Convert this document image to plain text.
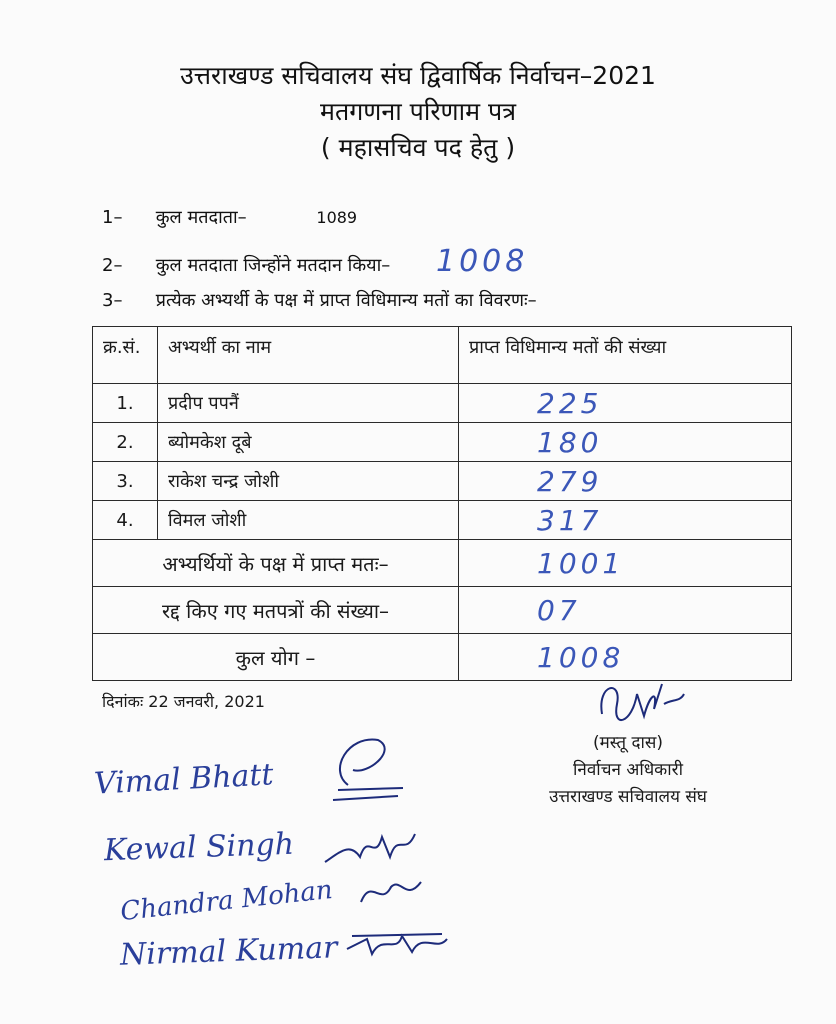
उत्तराखण्ड सचिवालय संघ द्विवार्षिक निर्वाचन–2021
मतगणना परिणाम पत्र
( महासचिव पद हेतु )
1– कुल मतदाता–	1089
2– कुल मतदाता जिन्होंने मतदान किया– 1008
3– प्रत्येक अभ्यर्थी के पक्ष में प्राप्त विधिमान्य मतों का विवरणः–
क्र.सं.	अभ्यर्थी का नाम	प्राप्त विधिमान्य मतों की संख्या
1.	प्रदीप पपनैं	225
2.	ब्योमकेश दूबे	180
3.	राकेश चन्द्र जोशी	279
4.	विमल जोशी	317
अभ्यर्थियों के पक्ष में प्राप्त मतः–		1001
रद्द किए गए मतपत्रों की संख्या–		07
कुल योग –		1008
दिनांकः 22 जनवरी, 2021
(मस्तू दास)
निर्वाचन अधिकारी
उत्तराखण्ड सचिवालय संघ
Vimal Bhatt
Kewal Singh
Chandra Mohan
Nirmal Kumar
